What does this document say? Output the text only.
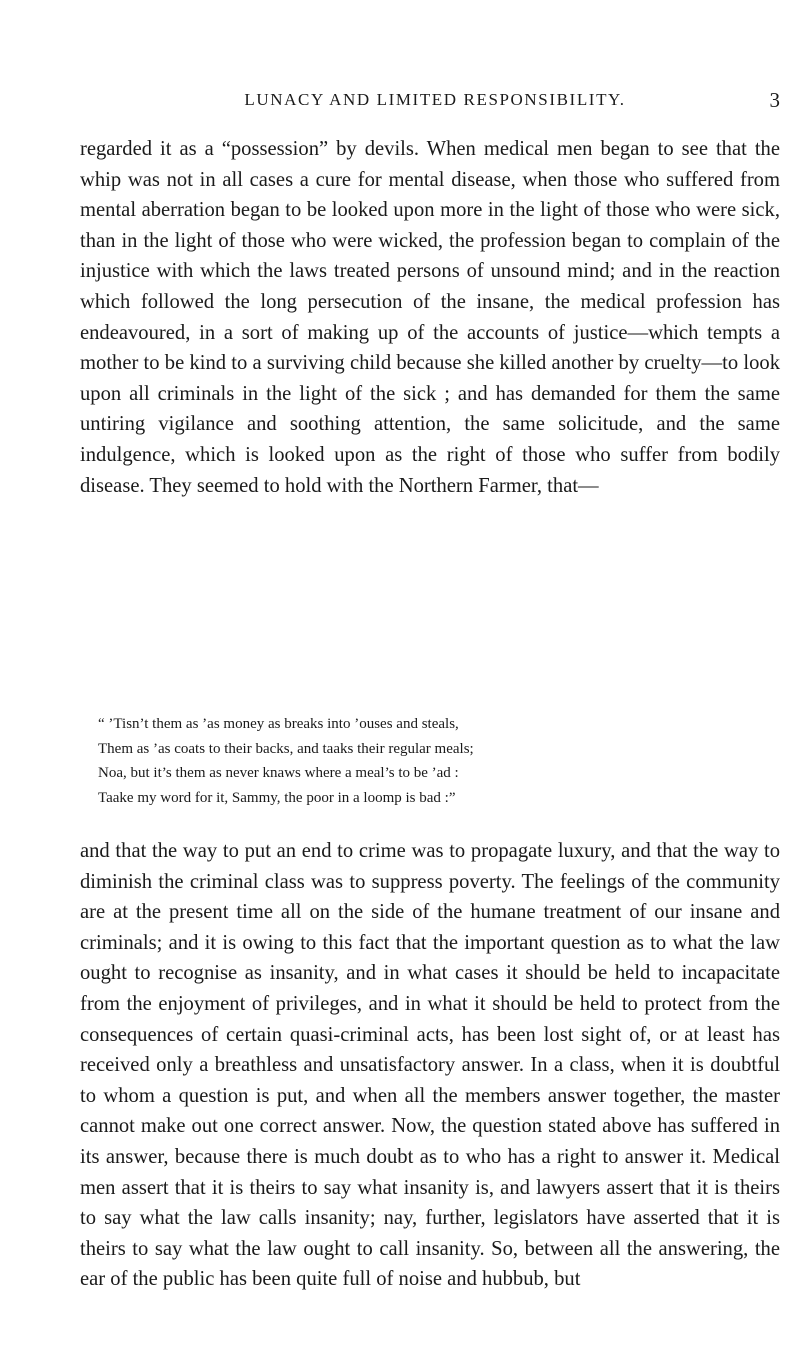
LUNACY AND LIMITED RESPONSIBILITY.	3

regarded it as a “possession” by devils. When medical men began to see that the whip was not in all cases a cure for mental disease, when those who suffered from mental aberration began to be looked upon more in the light of those who were sick, than in the light of those who were wicked, the profession began to complain of the injustice with which the laws treated persons of unsound mind; and in the reaction which followed the long persecution of the insane, the medical profession has endeavoured, in a sort of making up of the accounts of justice—which tempts a mother to be kind to a surviving child because she killed another by cruelty—to look upon all criminals in the light of the sick ; and has demanded for them the same untiring vigilance and soothing attention, the same solicitude, and the same indulgence, which is looked upon as the right of those who suffer from bodily disease. They seemed to hold with the Northern Farmer, that—

“ ’Tisn’t them as ’as money as breaks into ’ouses and steals,
Them as ’as coats to their backs, and taaks their regular meals;
Noa, but it’s them as never knaws where a meal’s to be ’ad :
Taake my word for it, Sammy, the poor in a loomp is bad :”

and that the way to put an end to crime was to propagate luxury, and that the way to diminish the criminal class was to suppress poverty. The feelings of the community are at the present time all on the side of the humane treatment of our insane and criminals; and it is owing to this fact that the important question as to what the law ought to recognise as insanity, and in what cases it should be held to incapacitate from the enjoyment of privileges, and in what it should be held to protect from the consequences of certain quasi-criminal acts, has been lost sight of, or at least has received only a breathless and unsatisfactory answer. In a class, when it is doubtful to whom a question is put, and when all the members answer together, the master cannot make out one correct answer. Now, the question stated above has suffered in its answer, because there is much doubt as to who has a right to answer it. Medical men assert that it is theirs to say what insanity is, and lawyers assert that it is theirs to say what the law calls insanity; nay, further, legislators have asserted that it is theirs to say what the law ought to call insanity. So, between all the answering, the ear of the public has been quite full of noise and hubbub, but
